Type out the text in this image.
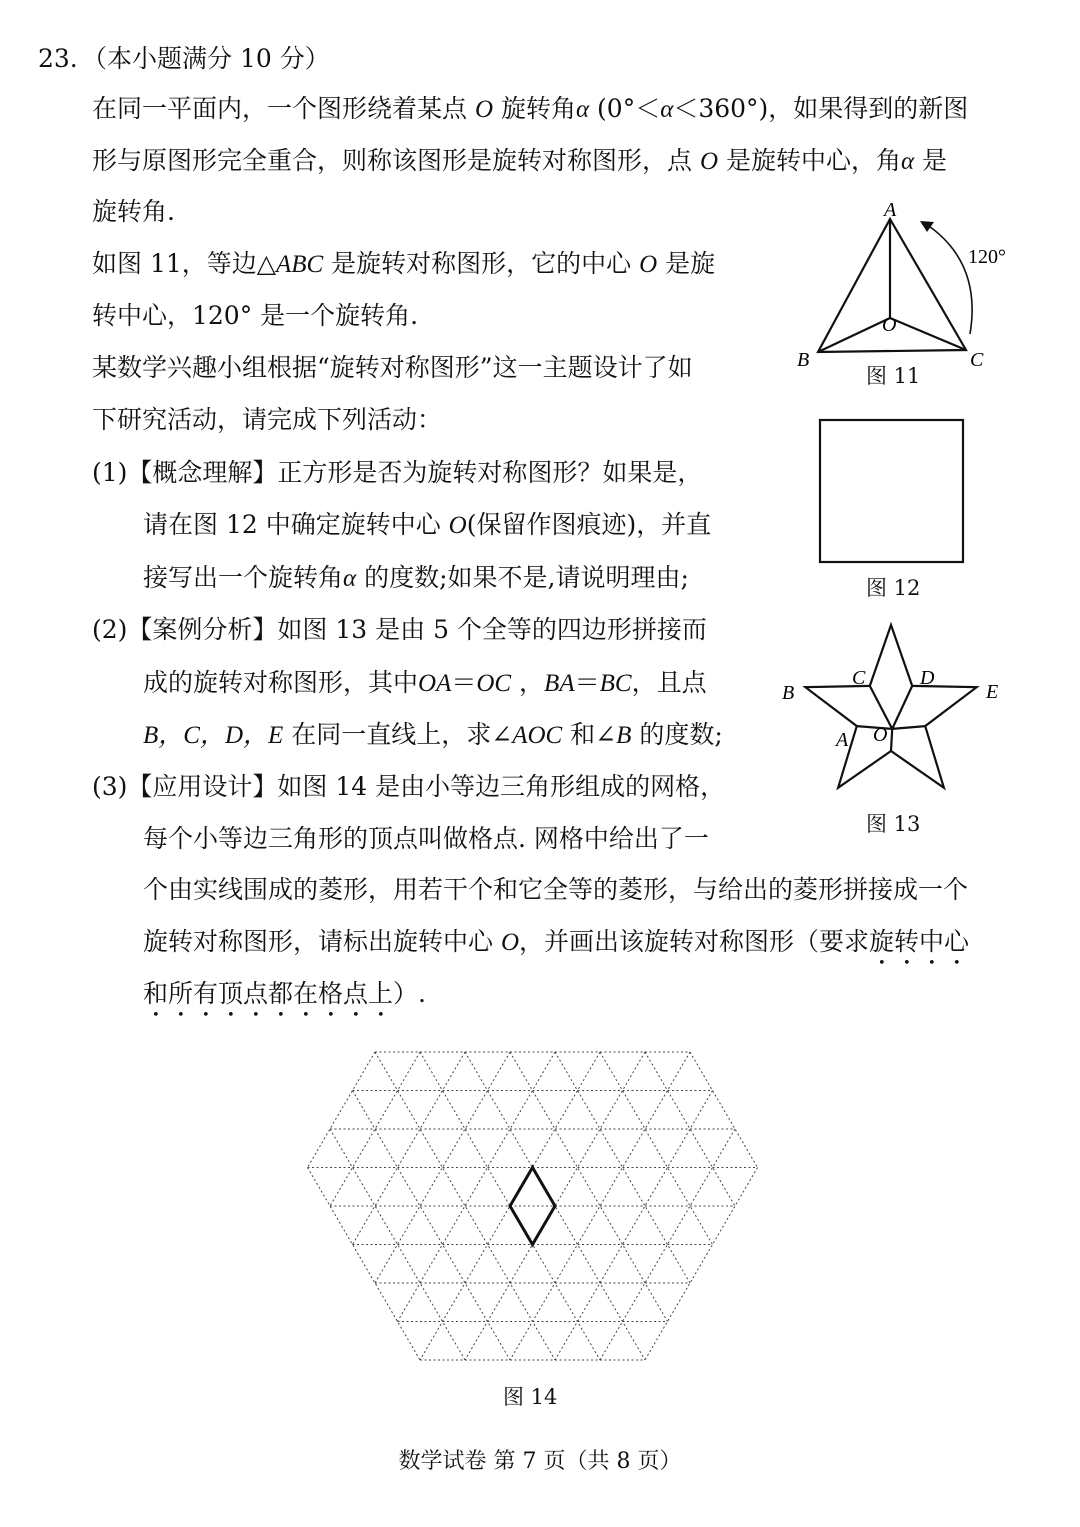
23. （本小题满分 10 分）
在同一平面内，一个图形绕着某点 O 旋转角α (0°＜α＜360°)，如果得到的新图
形与原图形完全重合，则称该图形是旋转对称图形，点 O 是旋转中心，角α 是
旋转角.
如图 11，等边△ABC 是旋转对称图形，它的中心 O 是旋
转中心，120° 是一个旋转角.
某数学兴趣小组根据“旋转对称图形”这一主题设计了如
下研究活动，请完成下列活动：
(1)【概念理解】正方形是否为旋转对称图形？如果是，
请在图 12 中确定旋转中心 O(保留作图痕迹)，并直
接写出一个旋转角α 的度数;如果不是,请说明理由;
(2)【案例分析】如图 13 是由 5 个全等的四边形拼接而
成的旋转对称图形，其中OA＝OC ，BA＝BC，且点
B，C，D，E 在同一直线上，求∠AOC 和∠B 的度数;
(3)【应用设计】如图 14 是由小等边三角形组成的网格，
每个小等边三角形的顶点叫做格点. 网格中给出了一
个由实线围成的菱形，用若干个和它全等的菱形，与给出的菱形拼接成一个
旋转对称图形，请标出旋转中心 O，并画出该旋转对称图形（要求旋转中心
和所有顶点都在格点上）.
A
B	C
O
120°
图 11
图 12
B
C	D
E
A O
图 13
图 14
数学试卷 第 7 页（共 8 页）
